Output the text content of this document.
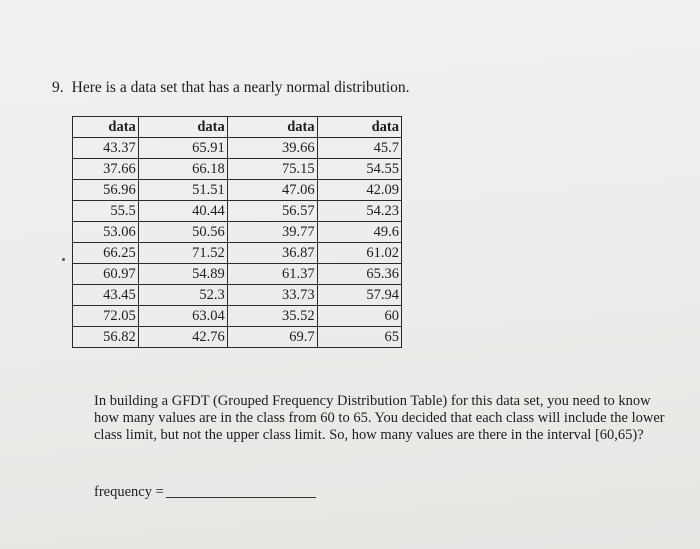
9. Here is a data set that has a nearly normal distribution.
data	data	data	data
43.37	65.91	39.66	45.7
37.66	66.18	75.15	54.55
56.96	51.51	47.06	42.09
55.5	40.44	56.57	54.23
53.06	50.56	39.77	49.6
66.25	71.52	36.87	61.02
60.97	54.89	61.37	65.36
43.45	52.3	33.73	57.94
72.05	63.04	35.52	60
56.82	42.76	69.7	65
In building a GFDT (Grouped Frequency Distribution Table) for this data set, you need to know how many values are in the class from 60 to 65. You decided that each class will include the lower class limit, but not the upper class limit. So, how many values are there in the interval [60,65)?
frequency =
